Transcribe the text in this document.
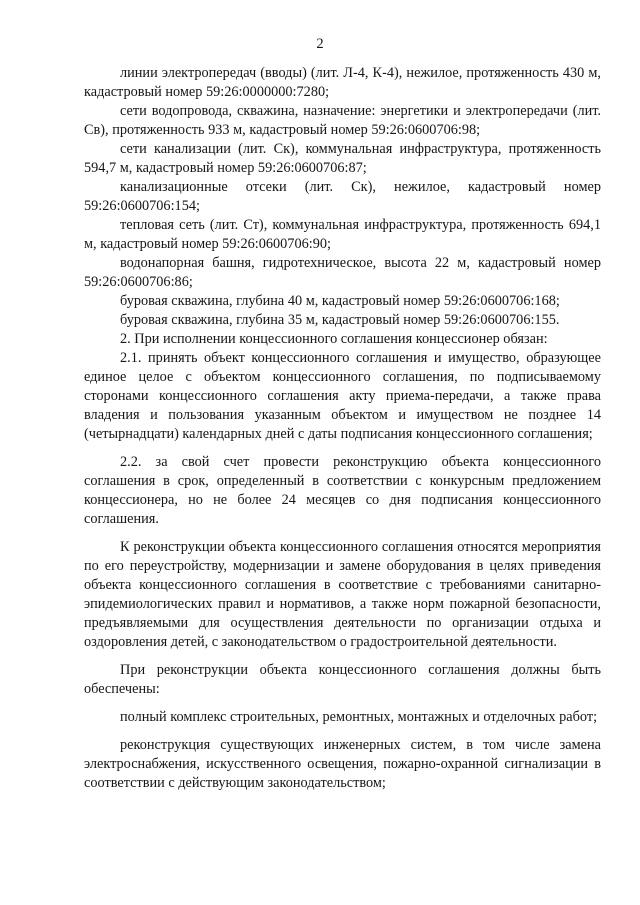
2

линии электропередач (вводы) (лит. Л-4, К-4), нежилое, протяженность 430 м, кадастровый номер 59:26:0000000:7280;

сети водопровода, скважина, назначение: энергетики и электропередачи (лит. Св), протяженность 933 м, кадастровый номер 59:26:0600706:98;

сети канализации (лит. Ск), коммунальная инфраструктура, протяженность 594,7 м, кадастровый номер 59:26:0600706:87;

канализационные отсеки (лит. Ск), нежилое, кадастровый номер 59:26:0600706:154;

тепловая сеть (лит. Ст), коммунальная инфраструктура, протяженность 694,1 м, кадастровый номер 59:26:0600706:90;

водонапорная башня, гидротехническое, высота 22 м, кадастровый номер 59:26:0600706:86;

буровая скважина, глубина 40 м, кадастровый номер 59:26:0600706:168;

буровая скважина, глубина 35 м, кадастровый номер 59:26:0600706:155.

2. При исполнении концессионного соглашения концессионер обязан:

2.1. принять объект концессионного соглашения и имущество, образующее единое целое с объектом концессионного соглашения, по подписываемому сторонами концессионного соглашения акту приема-передачи, а также права владения и пользования указанным объектом и имуществом не позднее 14 (четырнадцати) календарных дней с даты подписания концессионного соглашения;

2.2. за свой счет провести реконструкцию объекта концессионного соглашения в срок, определенный в соответствии с конкурсным предложением концессионера, но не более 24 месяцев со дня подписания концессионного соглашения.

К реконструкции объекта концессионного соглашения относятся мероприятия по его переустройству, модернизации и замене оборудования в целях приведения объекта концессионного соглашения в соответствие с требованиями санитарно-эпидемиологических правил и нормативов, а также норм пожарной безопасности, предъявляемыми для осуществления деятельности по организации отдыха и оздоровления детей, с законодательством о градостроительной деятельности.

При реконструкции объекта концессионного соглашения должны быть обеспечены:

полный комплекс строительных, ремонтных, монтажных и отделочных работ;

реконструкция существующих инженерных систем, в том числе замена электроснабжения, искусственного освещения, пожарно-охранной сигнализации в соответствии с действующим законодательством;
